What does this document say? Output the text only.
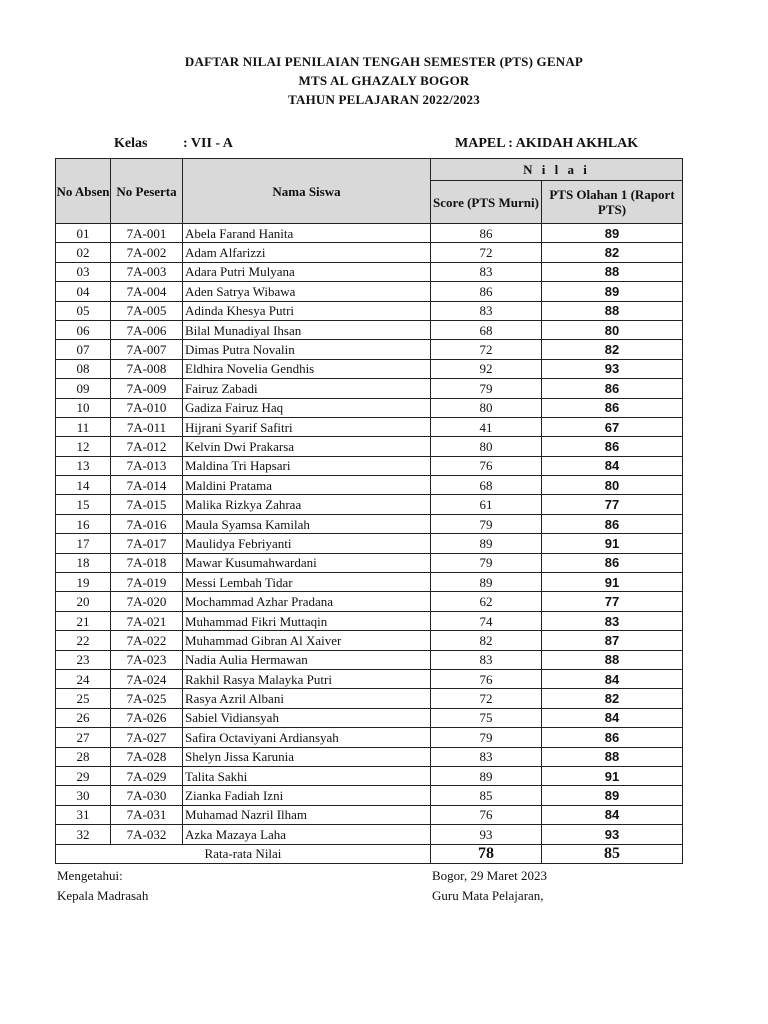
DAFTAR NILAI PENILAIAN TENGAH SEMESTER (PTS) GENAP
MTS AL GHAZALY BOGOR
TAHUN PELAJARAN 2022/2023
Kelas	: VII - A	MAPEL : AKIDAH AKHLAK
No Absen	No Peserta	Nama Siswa	N i l a i	
			Score (PTS Murni)	PTS Olahan 1 (Raport PTS)
01	7A-001	Abela Farand Hanita	86	89
02	7A-002	Adam Alfarizzi	72	82
03	7A-003	Adara Putri Mulyana	83	88
04	7A-004	Aden Satrya Wibawa	86	89
05	7A-005	Adinda Khesya Putri	83	88
06	7A-006	Bilal Munadiyal Ihsan	68	80
07	7A-007	Dimas Putra Novalin	72	82
08	7A-008	Eldhira Novelia Gendhis	92	93
09	7A-009	Fairuz Zabadi	79	86
10	7A-010	Gadiza Fairuz Haq	80	86
11	7A-011	Hijrani Syarif Safitri	41	67
12	7A-012	Kelvin Dwi Prakarsa	80	86
13	7A-013	Maldina Tri Hapsari	76	84
14	7A-014	Maldini Pratama	68	80
15	7A-015	Malika Rizkya Zahraa	61	77
16	7A-016	Maula Syamsa Kamilah	79	86
17	7A-017	Maulidya Febriyanti	89	91
18	7A-018	Mawar Kusumahwardani	79	86
19	7A-019	Messi Lembah Tidar	89	91
20	7A-020	Mochammad Azhar Pradana	62	77
21	7A-021	Muhammad Fikri Muttaqin	74	83
22	7A-022	Muhammad Gibran Al Xaiver	82	87
23	7A-023	Nadia Aulia Hermawan	83	88
24	7A-024	Rakhil Rasya Malayka Putri	76	84
25	7A-025	Rasya Azril Albani	72	82
26	7A-026	Sabiel Vidiansyah	75	84
27	7A-027	Safira Octaviyani Ardiansyah	79	86
28	7A-028	Shelyn Jissa Karunia	83	88
29	7A-029	Talita Sakhi	89	91
30	7A-030	Zianka Fadiah Izni	85	89
31	7A-031	Muhamad Nazril Ilham	76	84
32	7A-032	Azka Mazaya Laha	93	93
Rata-rata Nilai			78	85
Mengetahui:
Kepala Madrasah
Bogor, 29 Maret 2023
Guru Mata Pelajaran,
